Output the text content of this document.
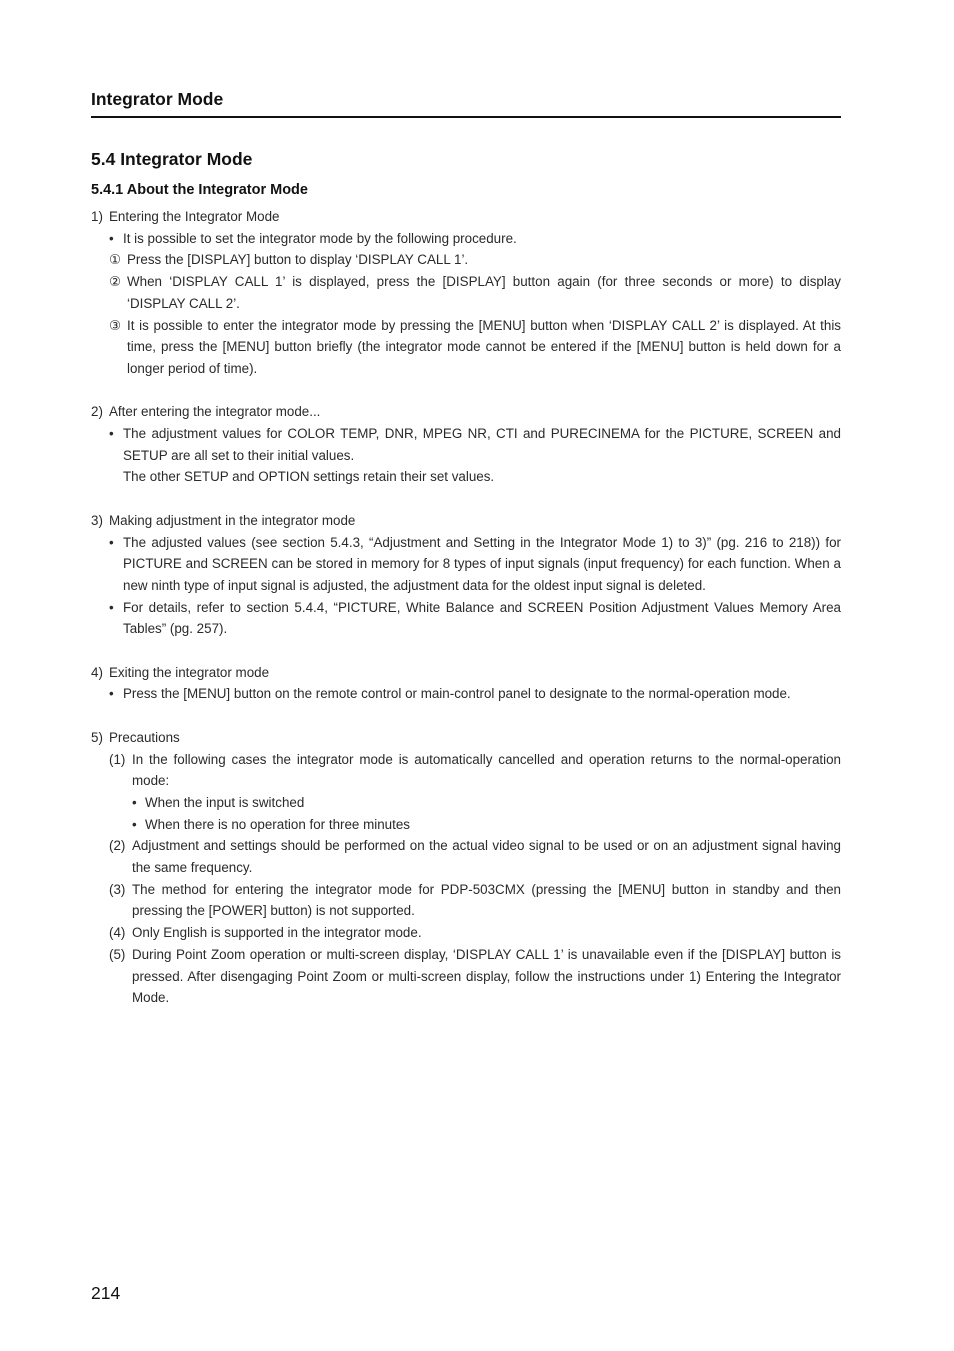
Integrator Mode
5.4 Integrator Mode
5.4.1 About the Integrator Mode
1) Entering the Integrator Mode
• It is possible to set the integrator mode by the following procedure.
① Press the [DISPLAY] button to display ‘DISPLAY CALL 1’.
② When ‘DISPLAY CALL 1’ is displayed, press the [DISPLAY] button again (for three seconds or more) to display ‘DISPLAY CALL 2’.
③ It is possible to enter the integrator mode by pressing the [MENU] button when ‘DISPLAY CALL 2’ is displayed. At this time, press the [MENU] button briefly (the integrator mode cannot be entered if the [MENU] button is held down for a longer period of time).
2) After entering the integrator mode...
• The adjustment values for COLOR TEMP, DNR, MPEG NR, CTI and PURECINEMA for the PICTURE, SCREEN and SETUP are all set to their initial values.
The other SETUP and OPTION settings retain their set values.
3) Making adjustment in the integrator mode
• The adjusted values (see section 5.4.3, “Adjustment and Setting in the Integrator Mode 1) to 3)” (pg. 216 to 218)) for PICTURE and SCREEN can be stored in memory for 8 types of input signals (input frequency) for each function. When a new ninth type of input signal is adjusted, the adjustment data for the oldest input signal is deleted.
• For details, refer to section 5.4.4, “PICTURE, White Balance and SCREEN Position Adjustment Values Memory Area Tables” (pg. 257).
4) Exiting the integrator mode
• Press the [MENU] button on the remote control or main-control panel to designate to the normal-operation mode.
5) Precautions
(1) In the following cases the integrator mode is automatically cancelled and operation returns to the normal-operation mode:
• When the input is switched
• When there is no operation for three minutes
(2) Adjustment and settings should be performed on the actual video signal to be used or on an adjustment signal having the same frequency.
(3) The method for entering the integrator mode for PDP-503CMX (pressing the [MENU] button in standby and then pressing the [POWER] button) is not supported.
(4) Only English is supported in the integrator mode.
(5) During Point Zoom operation or multi-screen display, ‘DISPLAY CALL 1’ is unavailable even if the [DISPLAY] button is pressed. After disengaging Point Zoom or multi-screen display, follow the instructions under 1) Entering the Integrator Mode.
214
